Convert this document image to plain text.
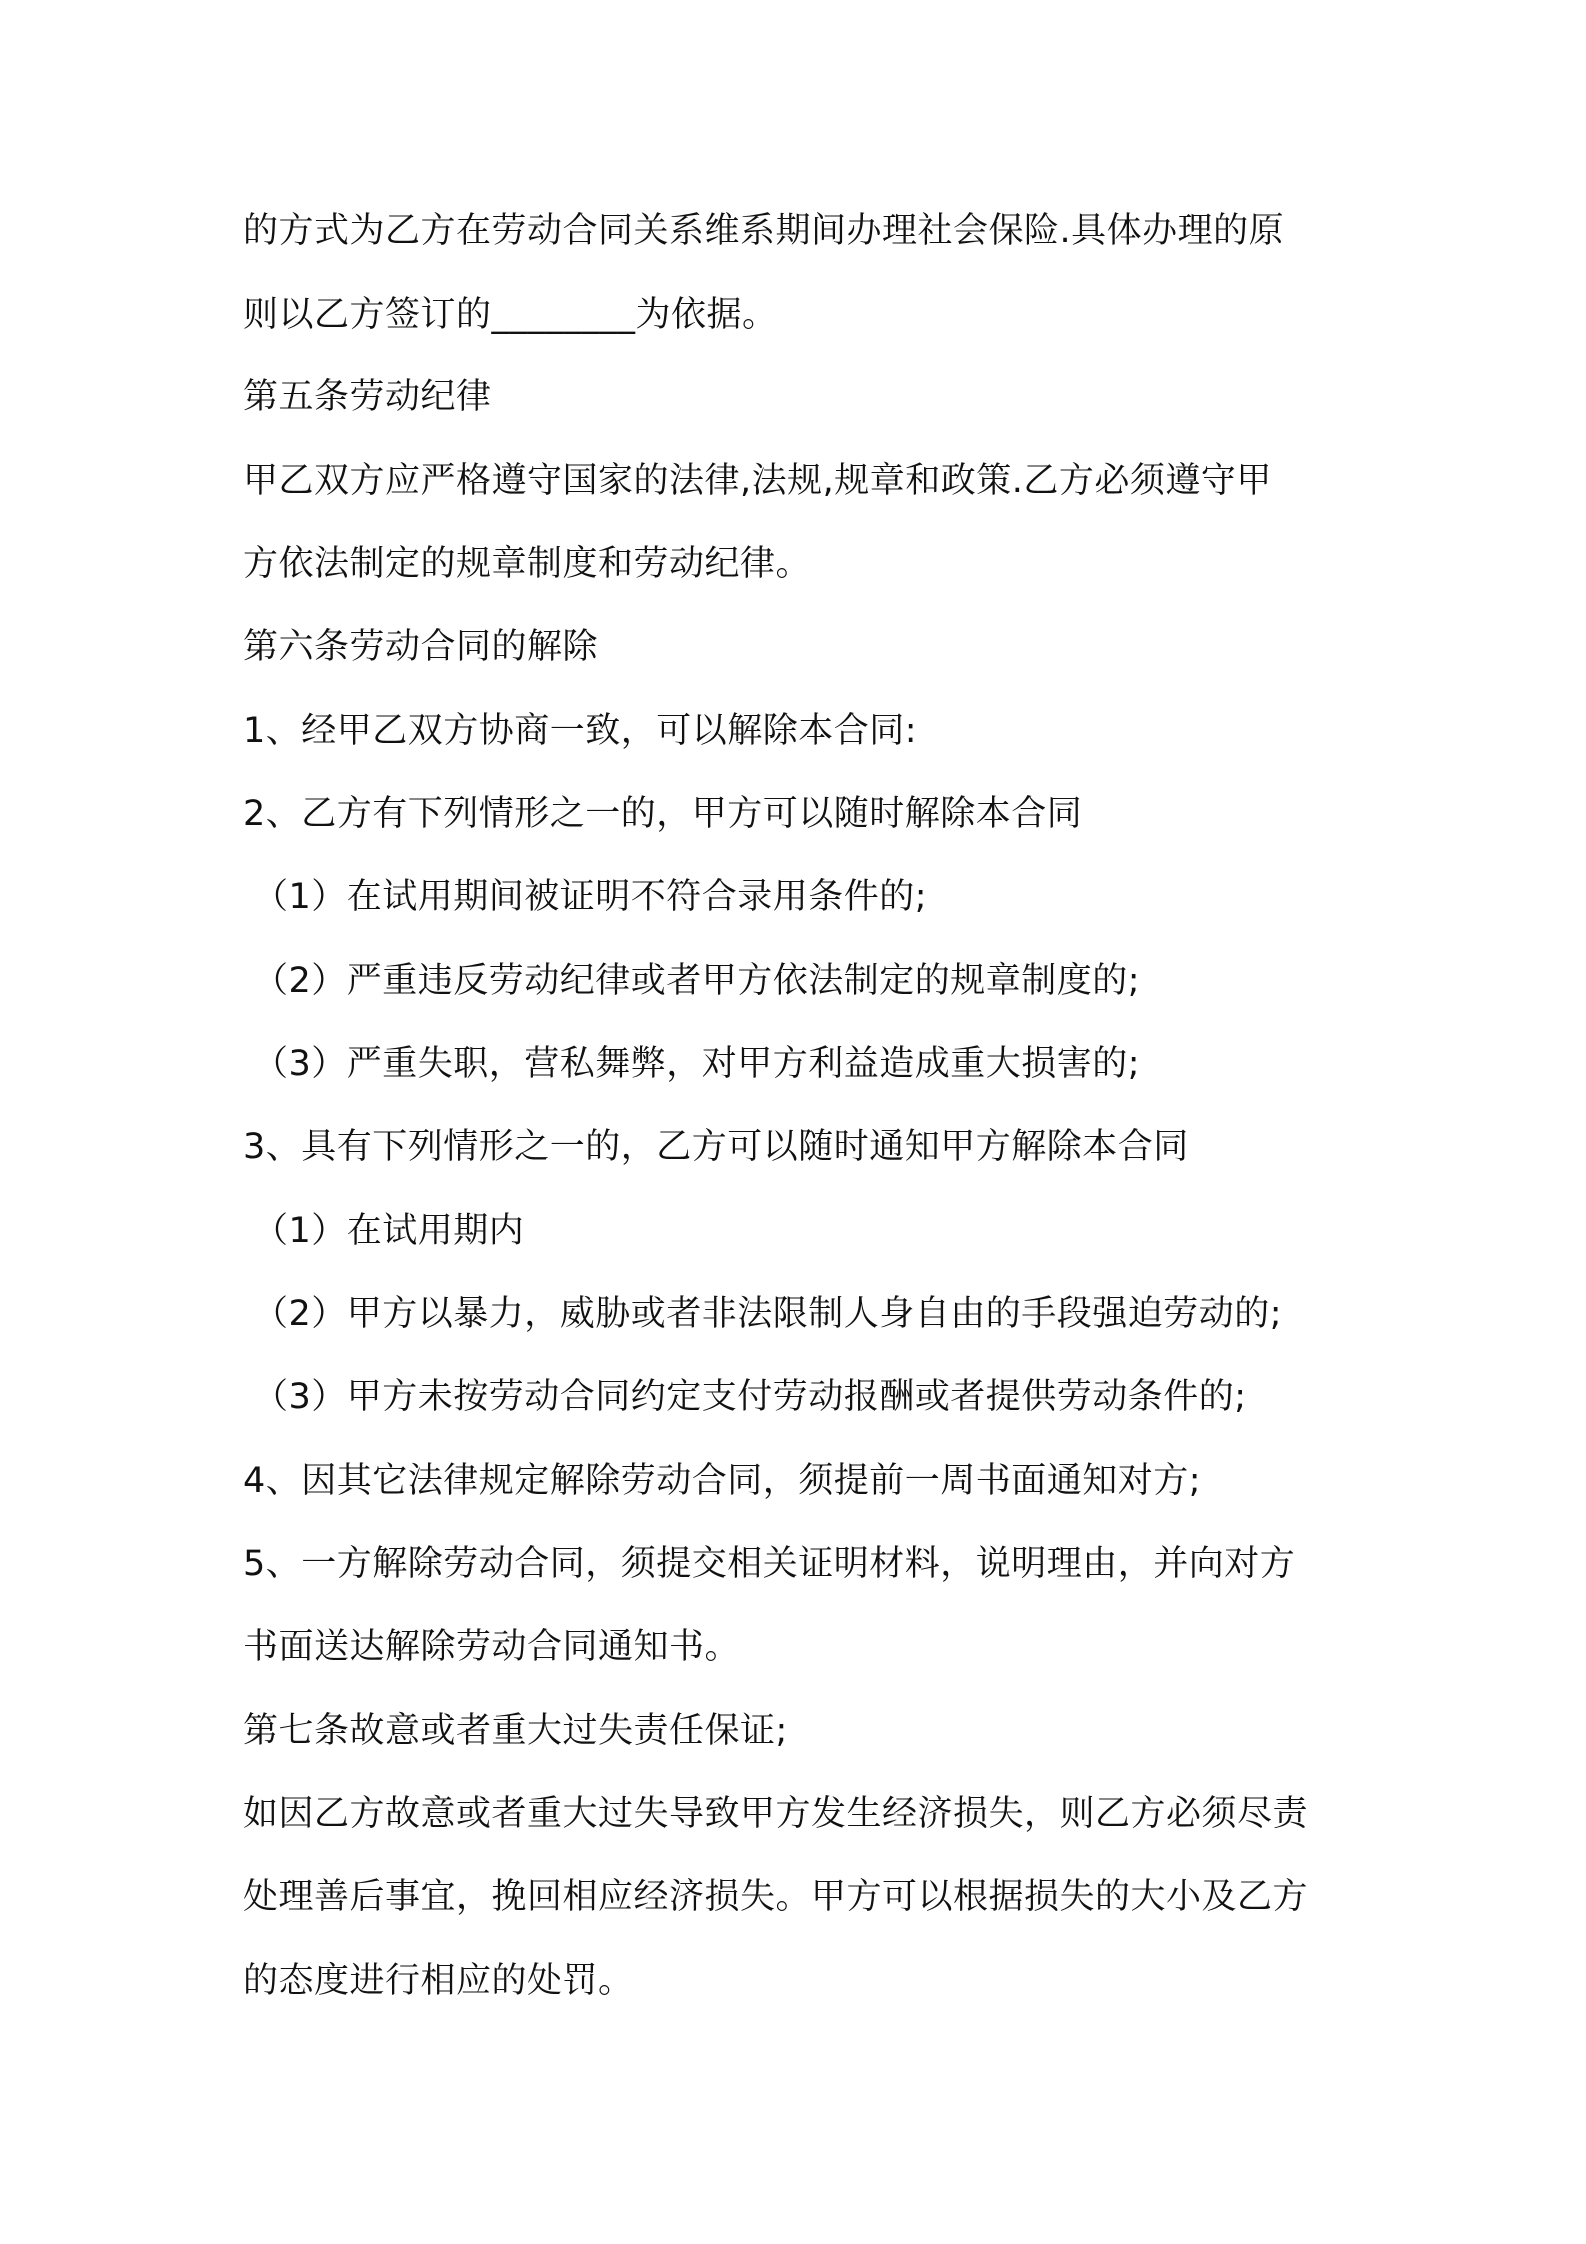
的方式为乙方在劳动合同关系维系期间办理社会保险.具体办理的原
则以乙方签订的________为依据。
第五条劳动纪律
甲乙双方应严格遵守国家的法律,法规,规章和政策.乙方必须遵守甲
方依法制定的规章制度和劳动纪律。
第六条劳动合同的解除
1、经甲乙双方协商一致，可以解除本合同:
2、乙方有下列情形之一的，甲方可以随时解除本合同
（1）在试用期间被证明不符合录用条件的;
（2）严重违反劳动纪律或者甲方依法制定的规章制度的;
（3）严重失职，营私舞弊，对甲方利益造成重大损害的;
3、具有下列情形之一的，乙方可以随时通知甲方解除本合同
（1）在试用期内
（2）甲方以暴力，威胁或者非法限制人身自由的手段强迫劳动的;
（3）甲方未按劳动合同约定支付劳动报酬或者提供劳动条件的;
4、因其它法律规定解除劳动合同，须提前一周书面通知对方;
5、一方解除劳动合同，须提交相关证明材料，说明理由，并向对方
书面送达解除劳动合同通知书。
第七条故意或者重大过失责任保证;
如因乙方故意或者重大过失导致甲方发生经济损失，则乙方必须尽责
处理善后事宜，挽回相应经济损失。甲方可以根据损失的大小及乙方
的态度进行相应的处罚。
